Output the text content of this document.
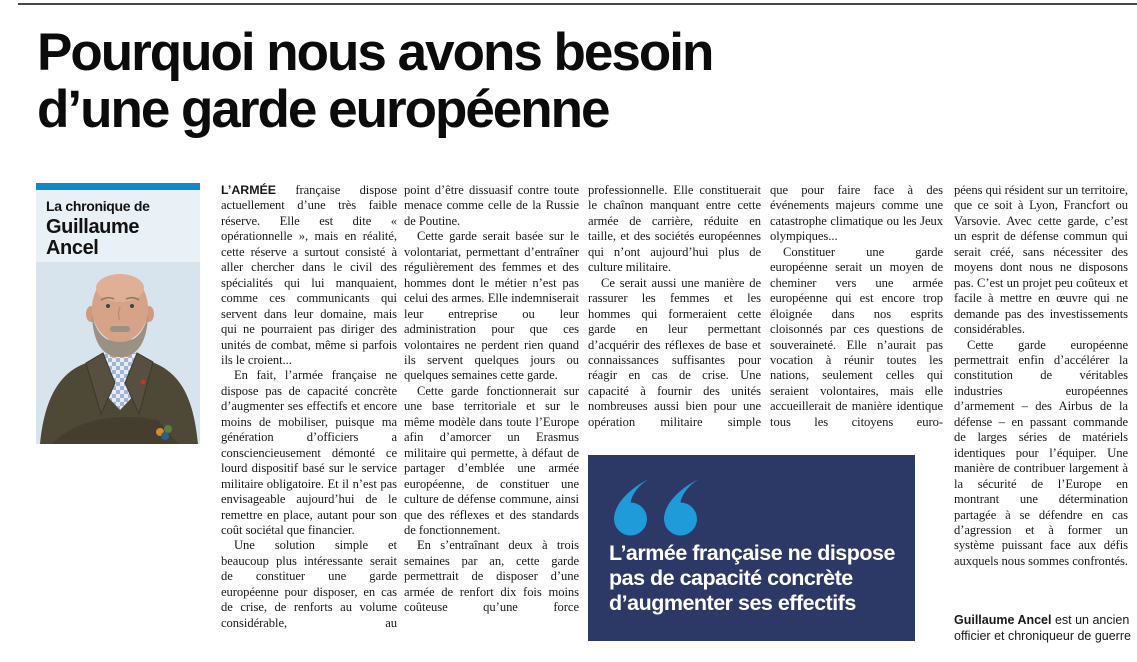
Pourquoi nous avons besoin
d’une garde européenne
La chronique de
Guillaume
Ancel

L’ARMÉE française dispose actuellement d’une très faible réserve. Elle est dite « opérationnelle », mais en réalité, cette réserve a surtout consisté à aller chercher dans le civil des spécialités qui lui manquaient, comme ces communicants qui servent dans leur domaine, mais qui ne pourraient pas diriger des unités de combat, même si parfois ils le croient...

En fait, l’armée française ne dispose pas de capacité concrète d’augmenter ses effectifs et encore moins de mobiliser, puisque ma génération d’officiers a consciencieusement démonté ce lourd dispositif basé sur le service militaire obligatoire. Et il n’est pas envisageable aujourd’hui de le remettre en place, autant pour son coût sociétal que financier.

Une solution simple et beaucoup plus intéressante serait de constituer une garde européenne pour disposer, en cas de crise, de renforts au volume considérable, au

point d’être dissuasif contre toute menace comme celle de la Russie de Poutine.

Cette garde serait basée sur le volontariat, permettant d’entraîner régulièrement des femmes et des hommes dont le métier n’est pas celui des armes. Elle indemniserait leur entreprise ou leur administration pour que ces volontaires ne perdent rien quand ils servent quelques jours ou quelques semaines cette garde.

Cette garde fonctionnerait sur une base territoriale et sur le même modèle dans toute l’Europe afin d’amorcer un Erasmus militaire qui permette, à défaut de partager d’emblée une armée européenne, de constituer une culture de défense commune, ainsi que des réflexes et des standards de fonctionnement.

En s’entraînant deux à trois semaines par an, cette garde permettrait de disposer d’une armée de renfort dix fois moins coûteuse qu’une force

professionnelle. Elle constituerait le chaînon manquant entre cette armée de carrière, réduite en taille, et des sociétés européennes qui n’ont aujourd’hui plus de culture militaire.

Ce serait aussi une manière de rassurer les femmes et les hommes qui formeraient cette garde en leur permettant d’acquérir des réflexes de base et connaissances suffisantes pour réagir en cas de crise. Une capacité à fournir des unités nombreuses aussi bien pour une opération militaire simple

que pour faire face à des événements majeurs comme une catastrophe climatique ou les Jeux olympiques...

Constituer une garde européenne serait un moyen de cheminer vers une armée européenne qui est encore trop éloignée dans nos esprits cloisonnés par ces questions de souveraineté. Elle n’aurait pas vocation à réunir toutes les nations, seulement celles qui seraient volontaires, mais elle accueillerait de manière identique tous les citoyens euro-

péens qui résident sur un territoire, que ce soit à Lyon, Francfort ou Varsovie. Avec cette garde, c’est un esprit de défense commun qui serait créé, sans nécessiter des moyens dont nous ne disposons pas. C’est un projet peu coûteux et facile à mettre en œuvre qui ne demande pas des investissements considérables.

Cette garde européenne permettrait enfin d’accélérer la constitution de véritables industries européennes d’armement – des Airbus de la défense – en passant commande de larges séries de matériels identiques pour l’équiper. Une manière de contribuer largement à la sécurité de l’Europe en montrant une détermination partagée à se défendre en cas d’agression et à former un système puissant face aux défis auxquels nous sommes confrontés.

L’armée française ne dispose pas de capacité concrète d’augmenter ses effectifs
Guillaume Ancel est un ancien officier et chroniqueur de guerre
